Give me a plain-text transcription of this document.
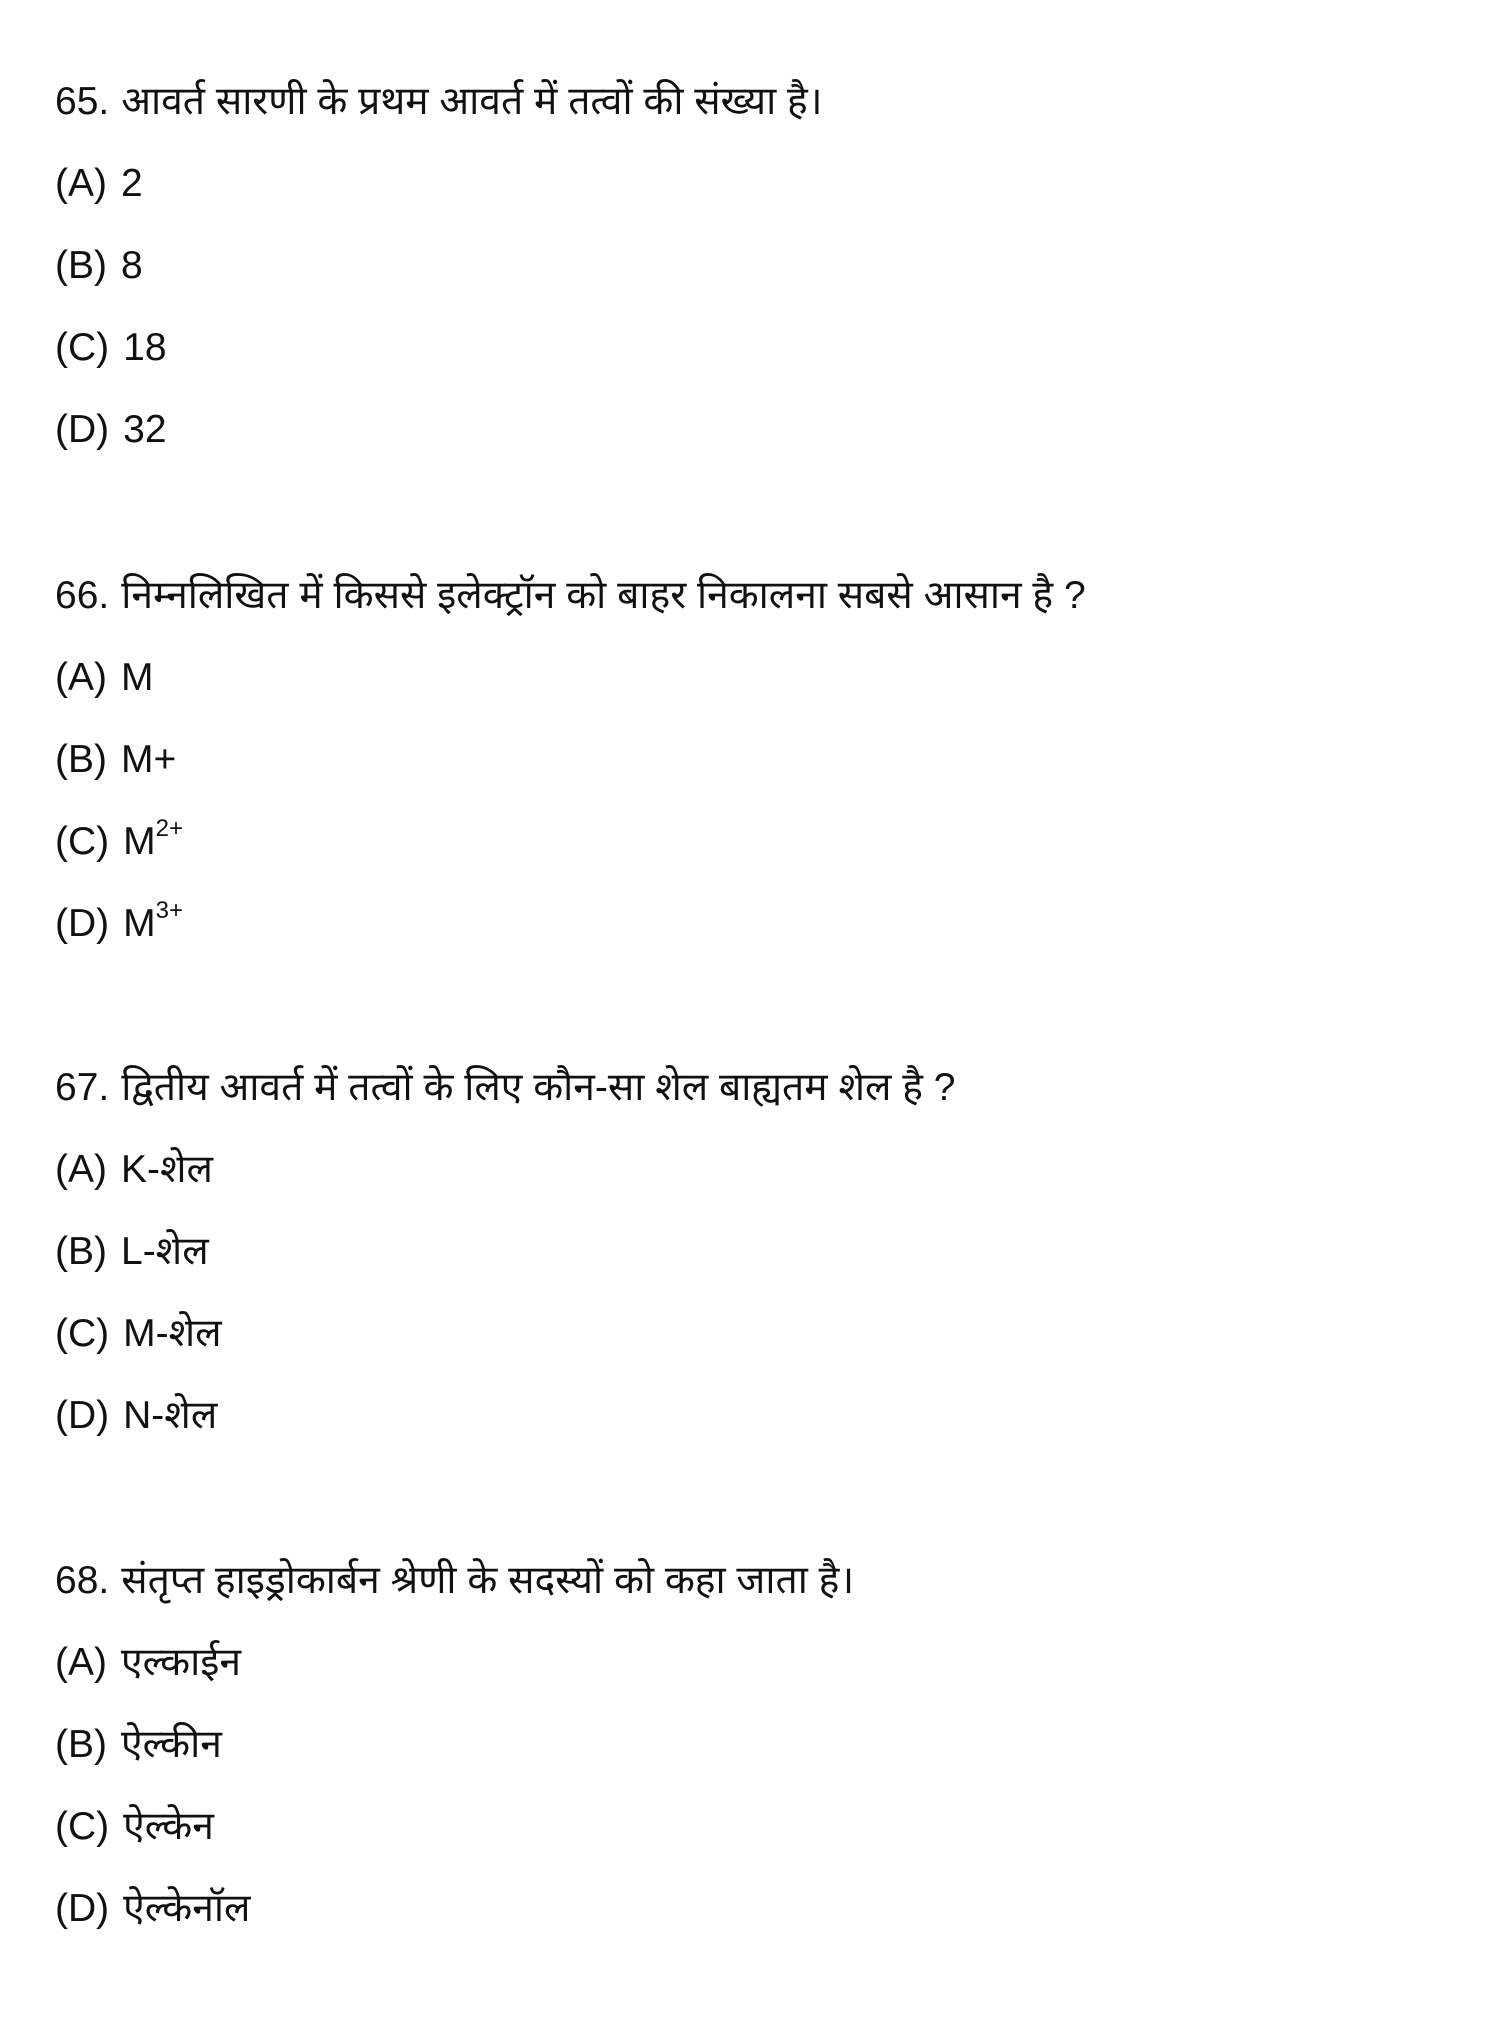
65. आवर्त सारणी के प्रथम आवर्त में तत्वों की संख्या है।
(A) 2
(B) 8
(C) 18
(D) 32
66. निम्नलिखित में किससे इलेक्ट्रॉन को बाहर निकालना सबसे आसान है ?
(A) M
(B) M+
(C) $M^{2+}$
(D) $M^{3+}$
67. द्वितीय आवर्त में तत्वों के लिए कौन-सा शेल बाह्यतम शेल है ?
(A) K-शेल
(B) L-शेल
(C) M-शेल
(D) N-शेल
68. संतृप्त हाइड्रोकार्बन श्रेणी के सदस्यों को कहा जाता है।
(A) एल्काईन
(B) ऐल्कीन
(C) ऐल्केन
(D) ऐल्केनॉल
